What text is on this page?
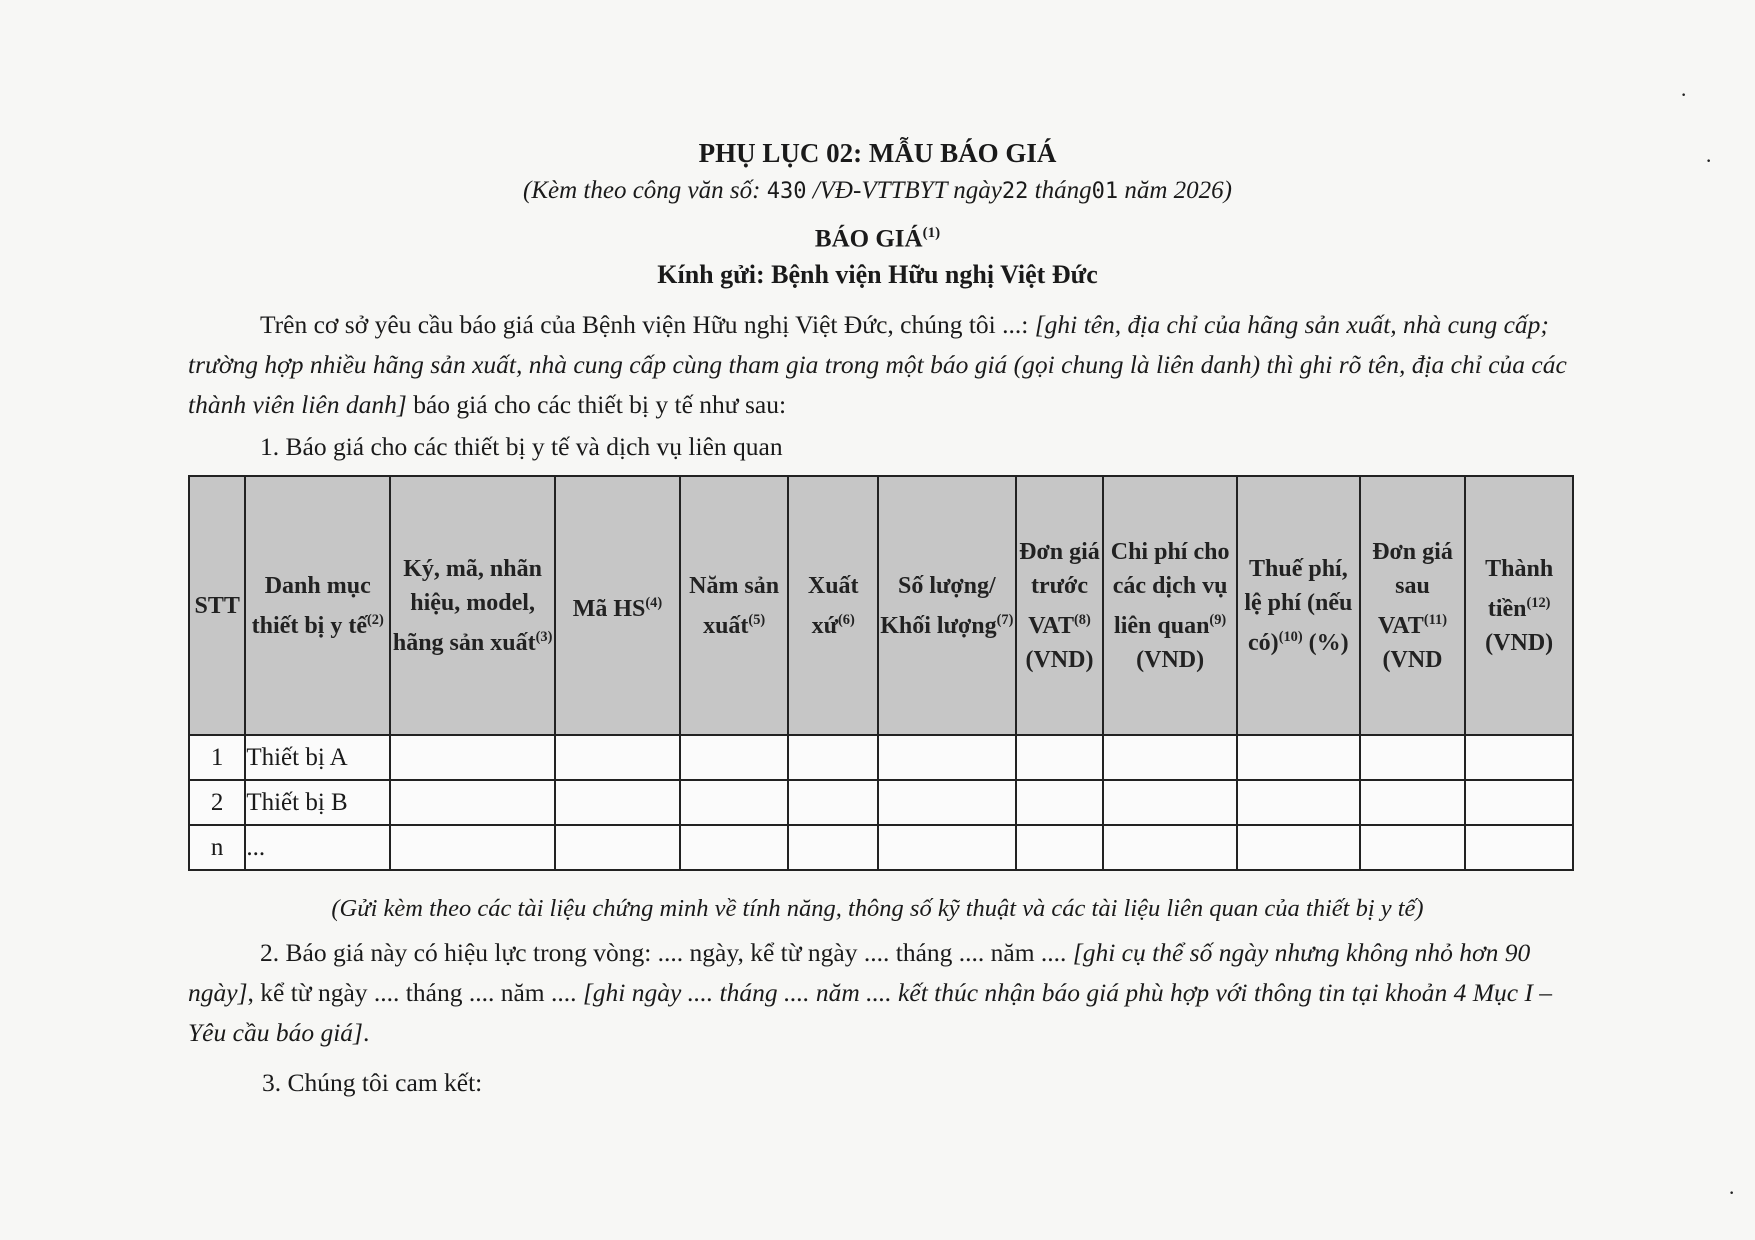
PHỤ LỤC 02: MẪU BÁO GIÁ
(Kèm theo công văn số: 430 /VĐ-VTTBYT ngày22 tháng01 năm 2026)
BÁO GIÁ$^{(1)}$
Kính gửi: Bệnh viện Hữu nghị Việt Đức
Trên cơ sở yêu cầu báo giá của Bệnh viện Hữu nghị Việt Đức, chúng tôi ...: [ghi tên, địa chỉ của hãng sản xuất, nhà cung cấp; trường hợp nhiều hãng sản xuất, nhà cung cấp cùng tham gia trong một báo giá (gọi chung là liên danh) thì ghi rõ tên, địa chỉ của các thành viên liên danh] báo giá cho các thiết bị y tế như sau:
1. Báo giá cho các thiết bị y tế và dịch vụ liên quan
STT	Danh mục thiết bị y tế$^{(2)}$	Ký, mã, nhãn hiệu, model, hãng sản xuất$^{(3)}$	Mã HS$^{(4)}$	Năm sản xuất$^{(5)}$	Xuất xứ$^{(6)}$	Số lượng/ Khối lượng$^{(7)}$	Đơn giá trước VAT$^{(8)}$ (VND)	Chi phí cho các dịch vụ liên quan$^{(9)}$ (VND)	Thuế phí, lệ phí (nếu có)$^{(10)}$ (%)	Đơn giá sau VAT$^{(11)}$ (VND	Thành tiền$^{(12)}$ (VND)
1	Thiết bị A										
2	Thiết bị B										
n	...										
(Gửi kèm theo các tài liệu chứng minh về tính năng, thông số kỹ thuật và các tài liệu liên quan của thiết bị y tế)
2. Báo giá này có hiệu lực trong vòng: .... ngày, kể từ ngày .... tháng .... năm .... [ghi cụ thể số ngày nhưng không nhỏ hơn 90 ngày], kể từ ngày .... tháng .... năm .... [ghi ngày .... tháng .... năm .... kết thúc nhận báo giá phù hợp với thông tin tại khoản 4 Mục I – Yêu cầu báo giá].
3. Chúng tôi cam kết:
·
·
·
